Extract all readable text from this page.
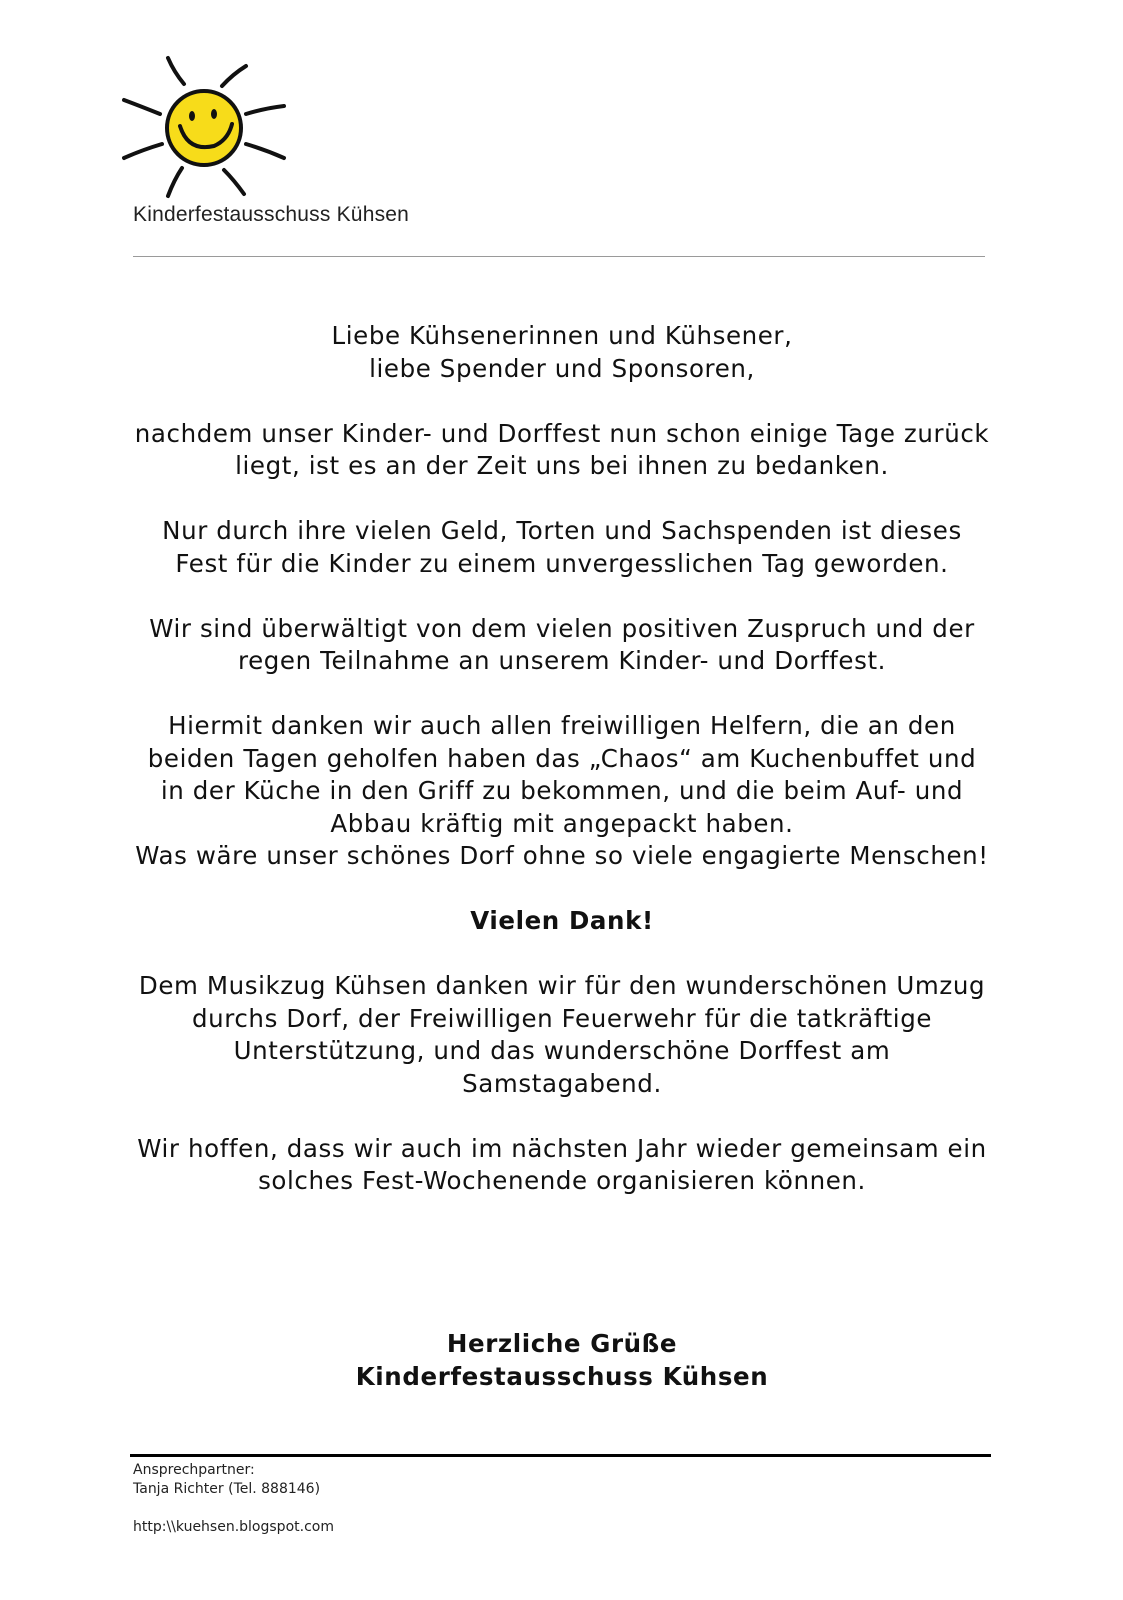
Kinderfestausschuss Kühsen

Liebe Kühsenerinnen und Kühsener,
liebe Spender und Sponsoren,

nachdem unser Kinder- und Dorffest nun schon einige Tage zurück liegt, ist es an der Zeit uns bei ihnen zu bedanken.

Nur durch ihre vielen Geld, Torten und Sachspenden ist dieses Fest für die Kinder zu einem unvergesslichen Tag geworden.

Wir sind überwältigt von dem vielen positiven Zuspruch und der regen Teilnahme an unserem Kinder- und Dorffest.

Hiermit danken wir auch allen freiwilligen Helfern, die an den beiden Tagen geholfen haben das „Chaos“ am Kuchenbuffet und in der Küche in den Griff zu bekommen, und die beim Auf- und Abbau kräftig mit angepackt haben.
Was wäre unser schönes Dorf ohne so viele engagierte Menschen!

Vielen Dank!

Dem Musikzug Kühsen danken wir für den wunderschönen Umzug durchs Dorf, der Freiwilligen Feuerwehr für die tatkräftige Unterstützung, und das wunderschöne Dorffest am Samstagabend.

Wir hoffen, dass wir auch im nächsten Jahr wieder gemeinsam ein solches Fest-Wochenende organisieren können.

Herzliche Grüße
Kinderfestausschuss Kühsen
Ansprechpartner:
Tanja Richter (Tel. 888146)
http:\\kuehsen.blogspot.com
